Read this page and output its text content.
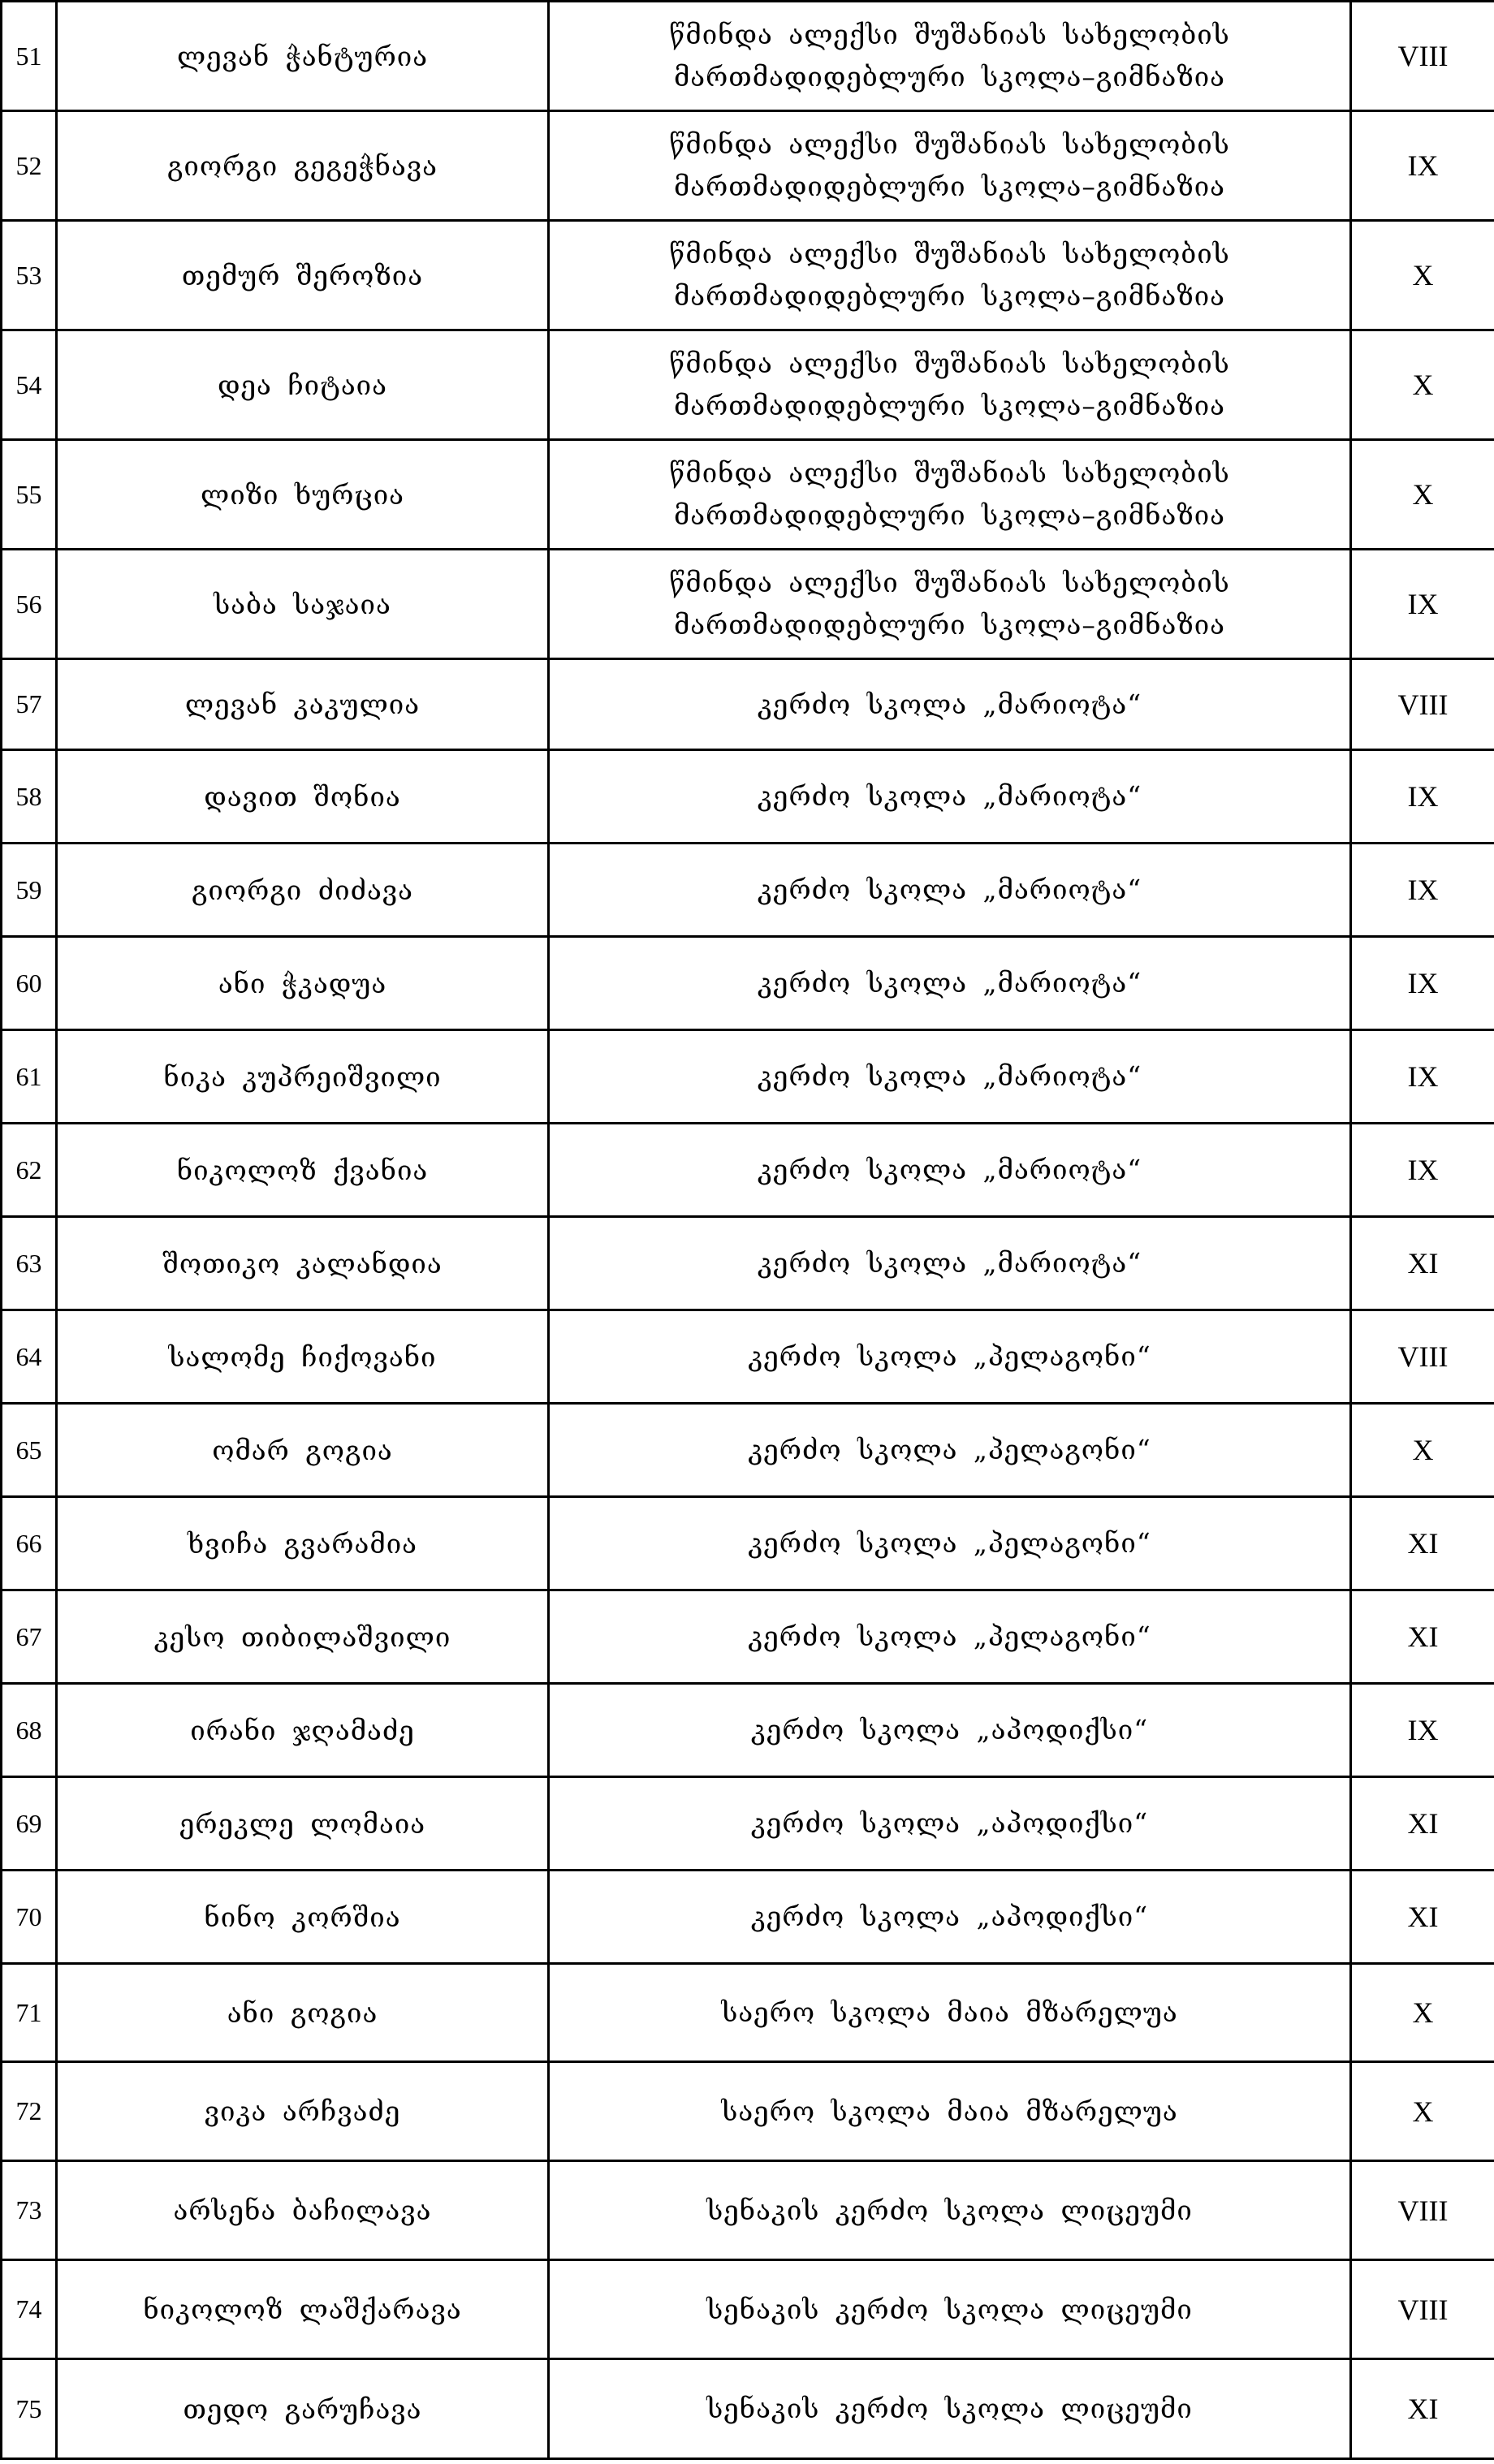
51	ლევან ჭანტურია	წმინდა ალექსი შუშანიას სახელობის
მართმადიდებლური სკოლა–გიმნაზია	VIII
52	გიორგი გეგეჭნავა	წმინდა ალექსი შუშანიას სახელობის
მართმადიდებლური სკოლა–გიმნაზია	IX
53	თემურ შეროზია	წმინდა ალექსი შუშანიას სახელობის
მართმადიდებლური სკოლა–გიმნაზია	X
54	დეა ჩიტაია	წმინდა ალექსი შუშანიას სახელობის
მართმადიდებლური სკოლა–გიმნაზია	X
55	ლიზი ხურცია	წმინდა ალექსი შუშანიას სახელობის
მართმადიდებლური სკოლა–გიმნაზია	X
56	საბა საჯაია	წმინდა ალექსი შუშანიას სახელობის
მართმადიდებლური სკოლა–გიმნაზია	IX
57	ლევან კაკულია	კერძო სკოლა „მარიოტა“	VIII
58	დავით შონია	კერძო სკოლა „მარიოტა“	IX
59	გიორგი ძიძავა	კერძო სკოლა „მარიოტა“	IX
60	ანი ჭკადუა	კერძო სკოლა „მარიოტა“	IX
61	ნიკა კუპრეიშვილი	კერძო სკოლა „მარიოტა“	IX
62	ნიკოლოზ ქვანია	კერძო სკოლა „მარიოტა“	IX
63	შოთიკო კალანდია	კერძო სკოლა „მარიოტა“	XI
64	სალომე ჩიქოვანი	კერძო სკოლა „პელაგონი“	VIII
65	ომარ გოგია	კერძო სკოლა „პელაგონი“	X
66	ხვიჩა გვარამია	კერძო სკოლა „პელაგონი“	XI
67	კესო თიბილაშვილი	კერძო სკოლა „პელაგონი“	XI
68	ირანი ჯღამაძე	კერძო სკოლა „აპოდიქსი“	IX
69	ერეკლე ლომაია	კერძო სკოლა „აპოდიქსი“	XI
70	ნინო კორშია	კერძო სკოლა „აპოდიქსი“	XI
71	ანი გოგია	საერო სკოლა მაია მზარელუა	X
72	ვიკა არჩვაძე	საერო სკოლა მაია მზარელუა	X
73	არსენა ბაჩილავა	სენაკის კერძო სკოლა ლიცეუმი	VIII
74	ნიკოლოზ ლაშქარავა	სენაკის კერძო სკოლა ლიცეუმი	VIII
75	თედო გარუჩავა	სენაკის კერძო სკოლა ლიცეუმი	XI
